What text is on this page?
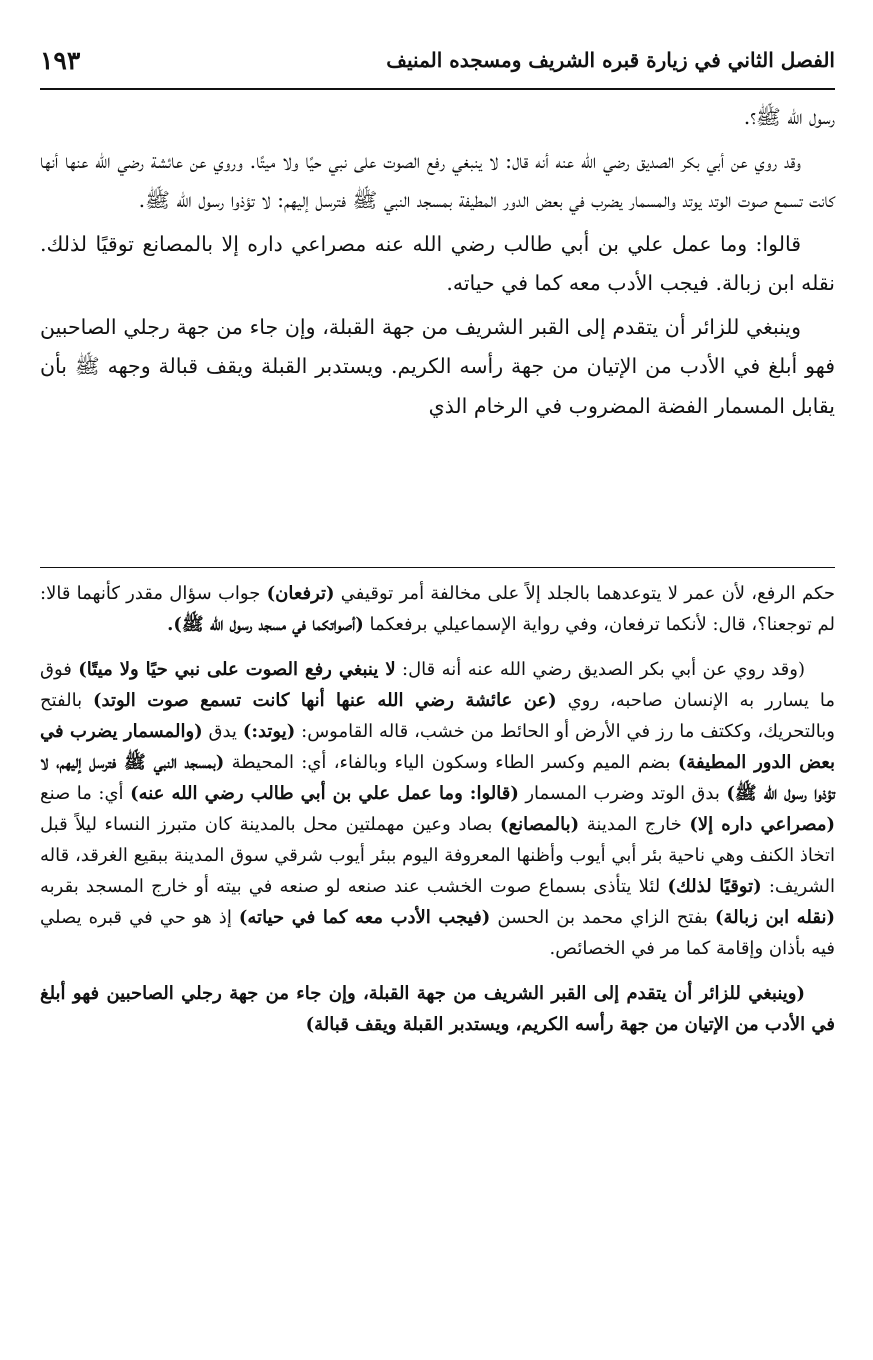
١٩٣	الفصل الثاني في زيارة قبره الشريف ومسجده المنيف

رسول الله ﷺ؟.

وقد روي عن أبي بكر الصديق رضي الله عنه أنه قال: لا ينبغي رفع الصوت على نبي حيًا ولا ميتًا. وروي عن عائشة رضي الله عنها أنها كانت تسمع صوت الوتد يوتد والمسمار يضرب في بعض الدور المطيفة بمسجد النبي ﷺ فترسل إليهم: لا تؤذوا رسول الله ﷺ.

قالوا: وما عمل علي بن أبي طالب رضي الله عنه مصراعي داره إلا بالمصانع توقيًا لذلك. نقله ابن زبالة. فيجب الأدب معه كما في حياته.

وينبغي للزائر أن يتقدم إلى القبر الشريف من جهة القبلة، وإن جاء من جهة رجلي الصاحبين فهو أبلغ في الأدب من الإتيان من جهة رأسه الكريم. ويستدبر القبلة ويقف قبالة وجهه ﷺ بأن يقابل المسمار الفضة المضروب في الرخام الذي

حكم الرفع، لأن عمر لا يتوعدهما بالجلد إلاً على مخالفة أمر توقيفي (ترفعان) جواب سؤال مقدر كأنهما قالا: لم توجعنا؟، قال: لأنكما ترفعان، وفي رواية الإسماعيلي برفعكما (أصواتكما في مسجد رسول الله ﷺ).

(وقد روي عن أبي بكر الصديق رضي الله عنه أنه قال: لا ينبغي رفع الصوت على نبي حيًا ولا ميتًا) فوق ما يسارر به الإنسان صاحبه، روي (عن عائشة رضي الله عنها أنها كانت تسمع صوت الوتد) بالفتح وبالتحريك، وككتف ما رز في الأرض أو الحائط من خشب، قاله القاموس: (يوتد:) يدق (والمسمار يضرب في بعض الدور المطيفة) بضم الميم وكسر الطاء وسكون الياء وبالفاء، أي: المحيطة (بمسجد النبي ﷺ فترسل إليهم، لا تؤذوا رسول الله ﷺ) بدق الوتد وضرب المسمار (قالوا: وما عمل علي بن أبي طالب رضي الله عنه) أي: ما صنع (مصراعي داره إلا) خارج المدينة (بالمصانع) بصاد وعين مهملتين محل بالمدينة كان متبرز النساء ليلاً قبل اتخاذ الكنف وهي ناحية بئر أبي أيوب وأظنها المعروفة اليوم ببئر أيوب شرقي سوق المدينة ببقيع الغرقد، قاله الشريف: (توقيًا لذلك) لئلا يتأذى بسماع صوت الخشب عند صنعه لو صنعه في بيته أو خارج المسجد بقربه (نقله ابن زبالة) بفتح الزاي محمد بن الحسن (فيجب الأدب معه كما في حياته) إذ هو حي في قبره يصلي فيه بأذان وإقامة كما مر في الخصائص.

(وينبغي للزائر أن يتقدم إلى القبر الشريف من جهة القبلة، وإن جاء من جهة رجلي الصاحبين فهو أبلغ في الأدب من الإتيان من جهة رأسه الكريم، ويستدبر القبلة ويقف قبالة)
